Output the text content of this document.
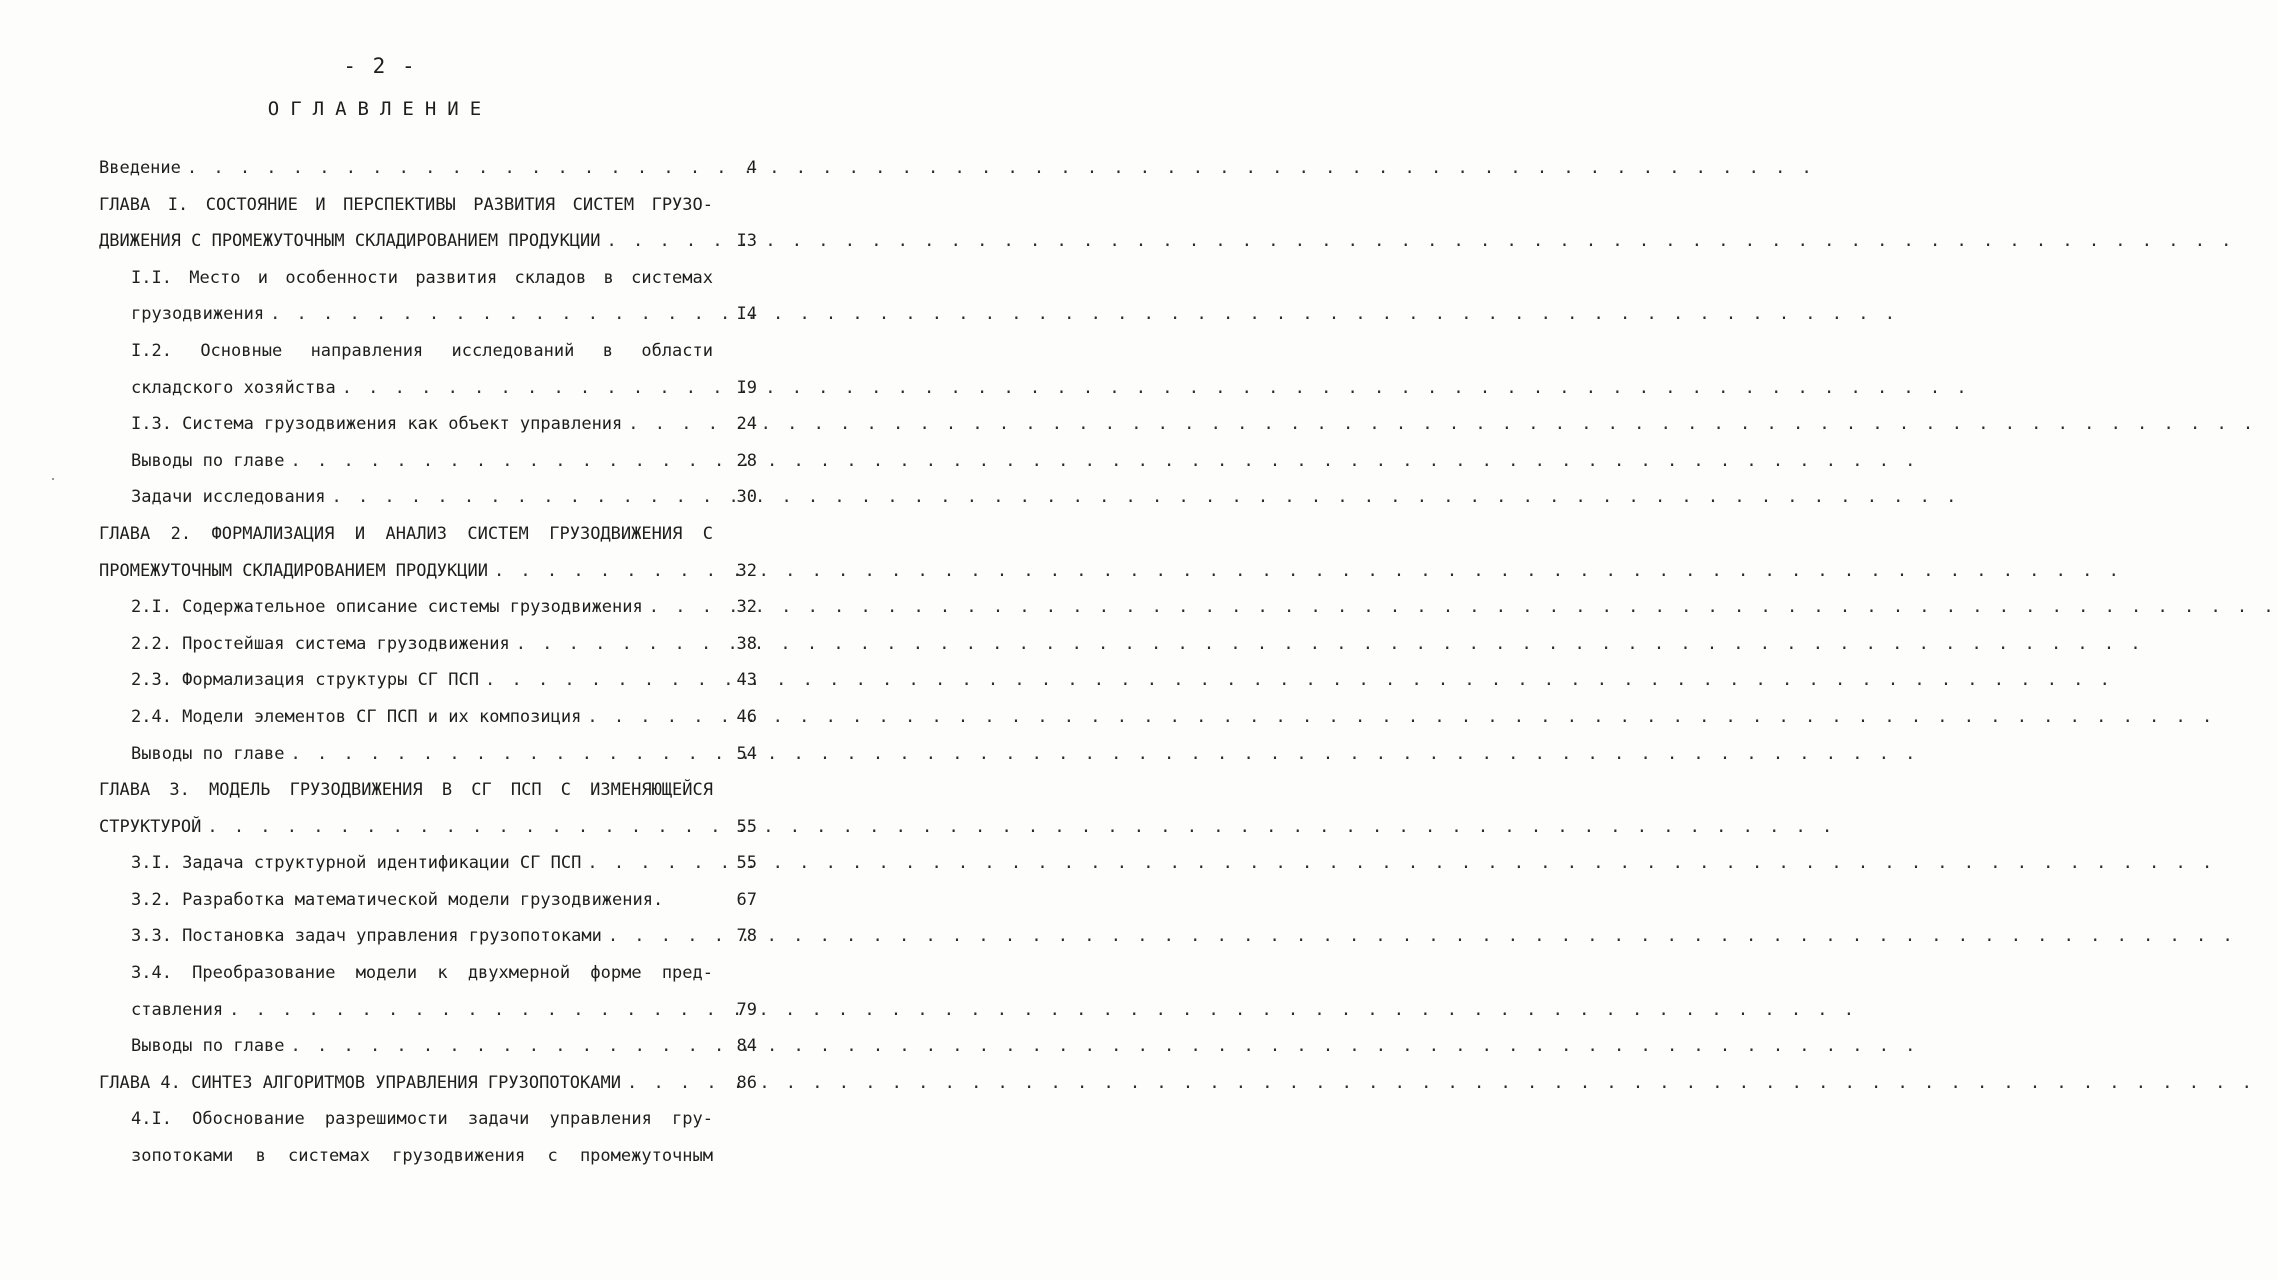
- 2 -
ОГЛАВЛЕНИЕ
Введение . . .	4
ГЛАВА I. СОСТОЯНИЕ И ПЕРСПЕКТИВЫ РАЗВИТИЯ СИСТЕМ ГРУЗО-
ДВИЖЕНИЯ С ПРОМЕЖУТОЧНЫМ СКЛАДИРОВАНИЕМ ПРОДУКЦИИ . . .	I3
I.I. Место и особенности развития складов в системах
грузодвижения . . .	I4
I.2. Основные направления исследований в области
складского хозяйства . . .	I9
I.3. Система грузодвижения как объект управления . . .	24
Выводы по главе . . .	28
Задачи исследования . . .	30
ГЛАВА 2. ФОРМАЛИЗАЦИЯ И АНАЛИЗ СИСТЕМ ГРУЗОДВИЖЕНИЯ С
ПРОМЕЖУТОЧНЫМ СКЛАДИРОВАНИЕМ ПРОДУКЦИИ . . .	32
2.I. Содержательное описание системы грузодвижения . . .	32
2.2. Простейшая система грузодвижения . . .	38
2.3. Формализация структуры СГ ПСП . . .	43
2.4. Модели элементов СГ ПСП и их композиция . . .	46
Выводы по главе . . .	54
ГЛАВА 3. МОДЕЛЬ ГРУЗОДВИЖЕНИЯ В СГ ПСП С ИЗМЕНЯЮЩЕЙСЯ
СТРУКТУРОЙ . . .	55
3.I. Задача структурной идентификации СГ ПСП . . .	55
3.2. Разработка математической модели грузодвижения.	67
3.3. Постановка задач управления грузопотоками . . .	78
3.4. Преобразование модели к двухмерной форме пред-
ставления . . .	79
Выводы по главе . . .	84
ГЛАВА 4. СИНТЕЗ АЛГОРИТМОВ УПРАВЛЕНИЯ ГРУЗОПОТОКАМИ . . .	86
4.I. Обоснование разрешимости задачи управления гру-
зопотоками в системах грузодвижения с промежуточным
